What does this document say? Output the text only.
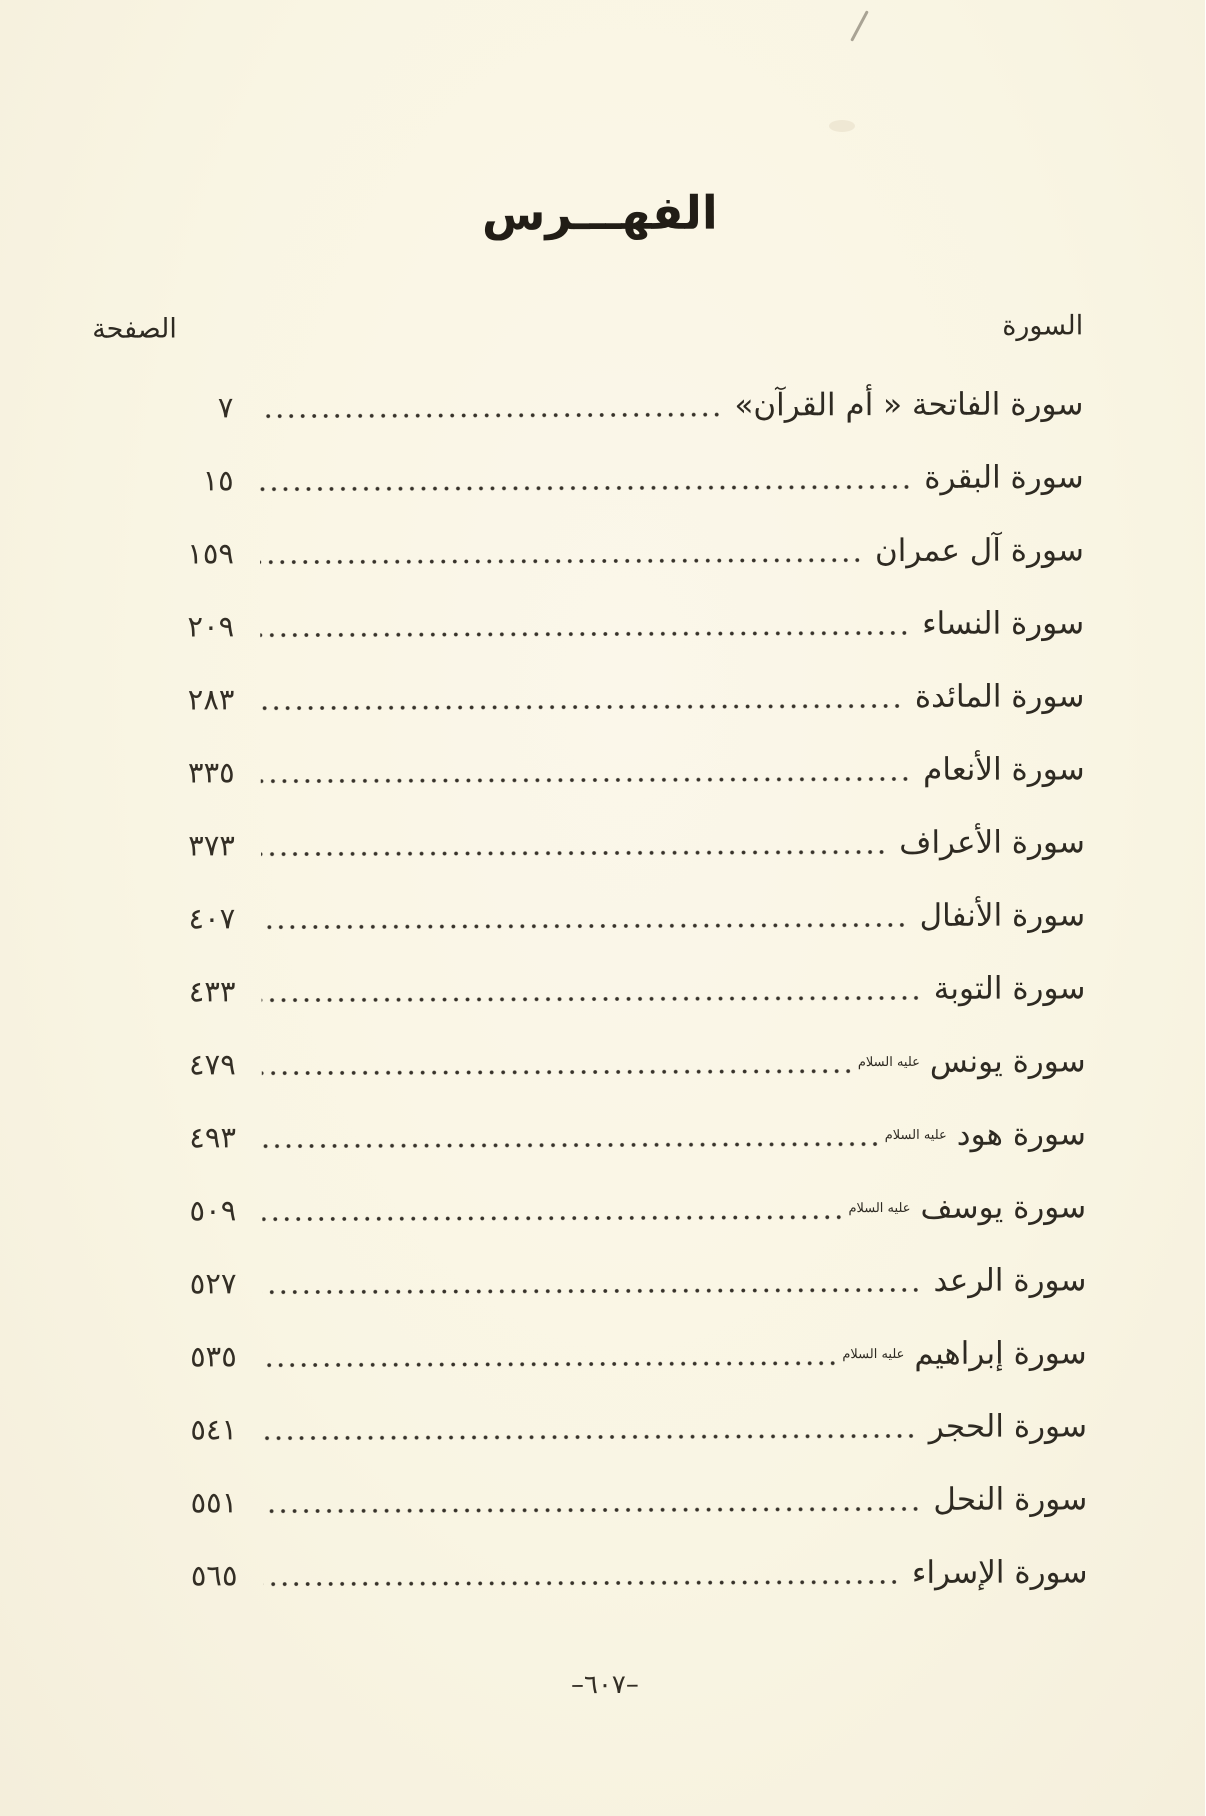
الفهـــرس
السورة
الصفحة
سورة الفاتحة « أم القرآن»
٧
سورة البقرة
١٥
سورة آل عمران
١٥٩
سورة النساء
٢٠٩
سورة المائدة
٢٨٣
سورة الأنعام
٣٣٥
سورة الأعراف
٣٧٣
سورة الأنفال
٤٠٧
سورة التوبة
٤٣٣
سورة يونسعليه السلام
٤٧٩
سورة هودعليه السلام
٤٩٣
سورة يوسفعليه السلام
٥٠٩
سورة الرعد
٥٢٧
سورة إبراهيمعليه السلام
٥٣٥
سورة الحجر
٥٤١
سورة النحل
٥٥١
سورة الإسراء
٥٦٥
–٦٠٧–
